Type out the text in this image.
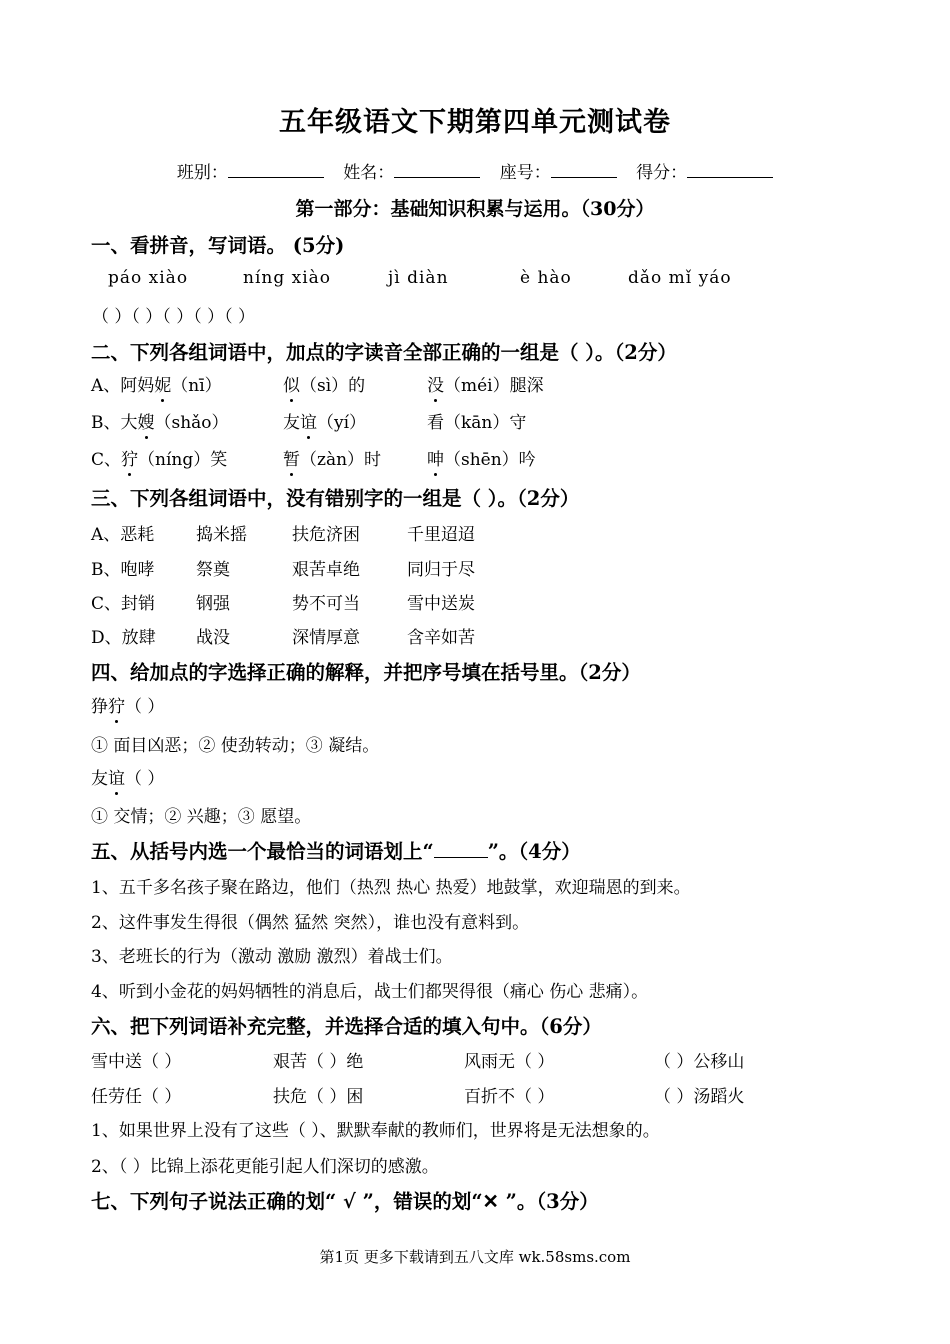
五年级语文下期第四单元测试卷
班别：	姓名：	座号：	得分：
第一部分：基础知识积累与运用。（30分）
一、看拼音，写词语。 (5分)
páo xiào	níng xiào	jì diàn	è hào	dǎo mǐ yáo
（ ）（ ）（ ）（ ）（ ）
二、下列各组词语中，加点的字读音全部正确的一组是（ ）。（2分）
A、阿妈妮（nī）	似（sì）的	没（méi）腿深
B、大嫂（shǎo）	友谊（yí）	看（kān）守
C、狞（níng）笑	暂（zàn）时	呻（shēn）吟
三、下列各组词语中，没有错别字的一组是（ ）。（2分）
A、恶耗 捣米摇	扶危济困	千里迢迢
B、咆哮 祭奠	艰苦卓绝	同归于尽
C、封销 钢强	势不可当	雪中送炭
D、放肆 战没	深情厚意	含辛如苦
四、给加点的字选择正确的解释，并把序号填在括号里。（2分）
狰狞（ ）
① 面目凶恶；② 使劲转动；③ 凝结。
友谊（ ）
① 交情；② 兴趣；③ 愿望。
五、从括号内选一个最恰当的词语划上“	”。（4分）
1、五千多名孩子聚在路边，他们（热烈 热心 热爱）地鼓掌，欢迎瑞恩的到来。
2、这件事发生得很（偶然 猛然 突然），谁也没有意料到。
3、老班长的行为（激动 激励 激烈）着战士们。
4、听到小金花的妈妈牺牲的消息后，战士们都哭得很（痛心 伤心 悲痛）。
六、把下列词语补充完整，并选择合适的填入句中。（6分）
雪中送（ ）	艰苦（ ）绝	风雨无（ ）	（ ）公移山
任劳任（ ）	扶危（ ）困	百折不（ ）	（ ）汤蹈火
1、如果世界上没有了这些（ ）、默默奉献的教师们，世界将是无法想象的。
2、（ ）比锦上添花更能引起人们深切的感激。
七、下列句子说法正确的划“ √ ”，错误的划“✕ ”。（3分）
第1页 更多下载请到五八文库 wk.58sms.com
